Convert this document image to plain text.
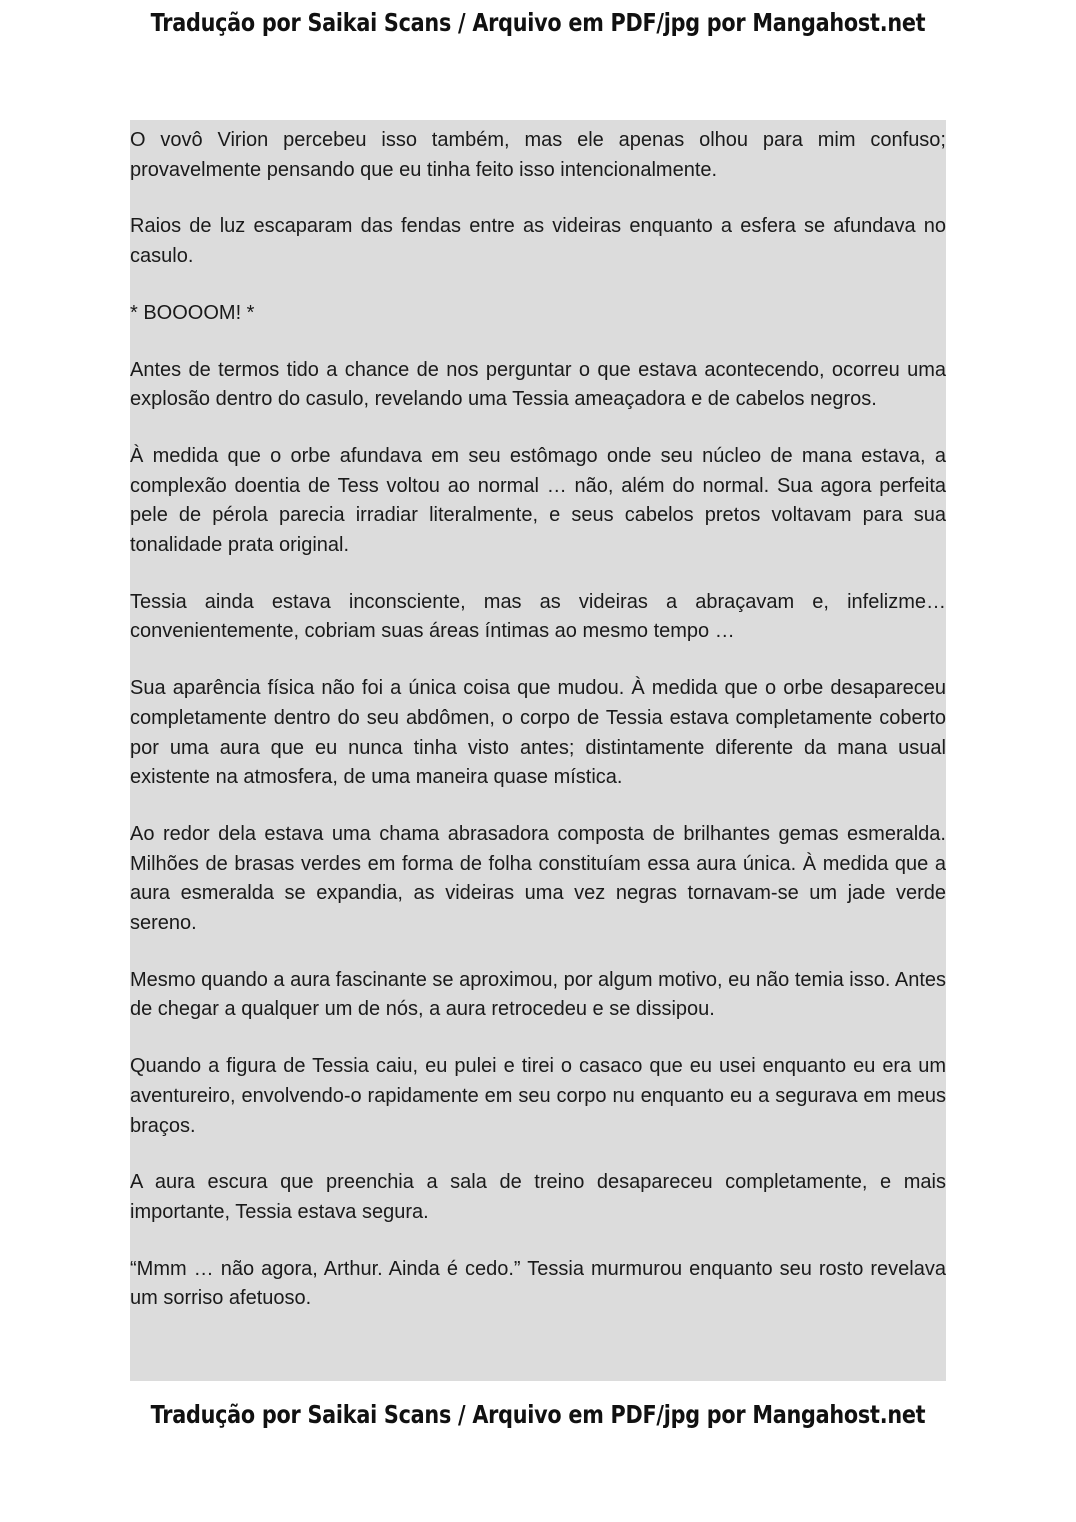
Tradução por Saikai Scans / Arquivo em PDF/jpg por Mangahost.net

O vovô Virion percebeu isso também, mas ele apenas olhou para mim confuso; provavelmente pensando que eu tinha feito isso intencionalmente.

Raios de luz escaparam das fendas entre as videiras enquanto a esfera se afundava no casulo.

* BOOOOM! *

Antes de termos tido a chance de nos perguntar o que estava acontecendo, ocorreu uma explosão dentro do casulo, revelando uma Tessia ameaçadora e de cabelos negros.

À medida que o orbe afundava em seu estômago onde seu núcleo de mana estava, a complexão doentia de Tess voltou ao normal … não, além do normal. Sua agora perfeita pele de pérola parecia irradiar literalmente, e seus cabelos pretos voltavam para sua tonalidade prata original.

Tessia ainda estava inconsciente, mas as videiras a abraçavam e, infelizme… convenientemente, cobriam suas áreas íntimas ao mesmo tempo …

Sua aparência física não foi a única coisa que mudou. À medida que o orbe desapareceu completamente dentro do seu abdômen, o corpo de Tessia estava completamente coberto por uma aura que eu nunca tinha visto antes; distintamente diferente da mana usual existente na atmosfera, de uma maneira quase mística.

Ao redor dela estava uma chama abrasadora composta de brilhantes gemas esmeralda. Milhões de brasas verdes em forma de folha constituíam essa aura única. À medida que a aura esmeralda se expandia, as videiras uma vez negras tornavam-se um jade verde sereno.

Mesmo quando a aura fascinante se aproximou, por algum motivo, eu não temia isso. Antes de chegar a qualquer um de nós, a aura retrocedeu e se dissipou.

Quando a figura de Tessia caiu, eu pulei e tirei o casaco que eu usei enquanto eu era um aventureiro, envolvendo-o rapidamente em seu corpo nu enquanto eu a segurava em meus braços.

A aura escura que preenchia a sala de treino desapareceu completamente, e mais importante, Tessia estava segura.

“Mmm … não agora, Arthur. Ainda é cedo.” Tessia murmurou enquanto seu rosto revelava um sorriso afetuoso.

Tradução por Saikai Scans / Arquivo em PDF/jpg por Mangahost.net
